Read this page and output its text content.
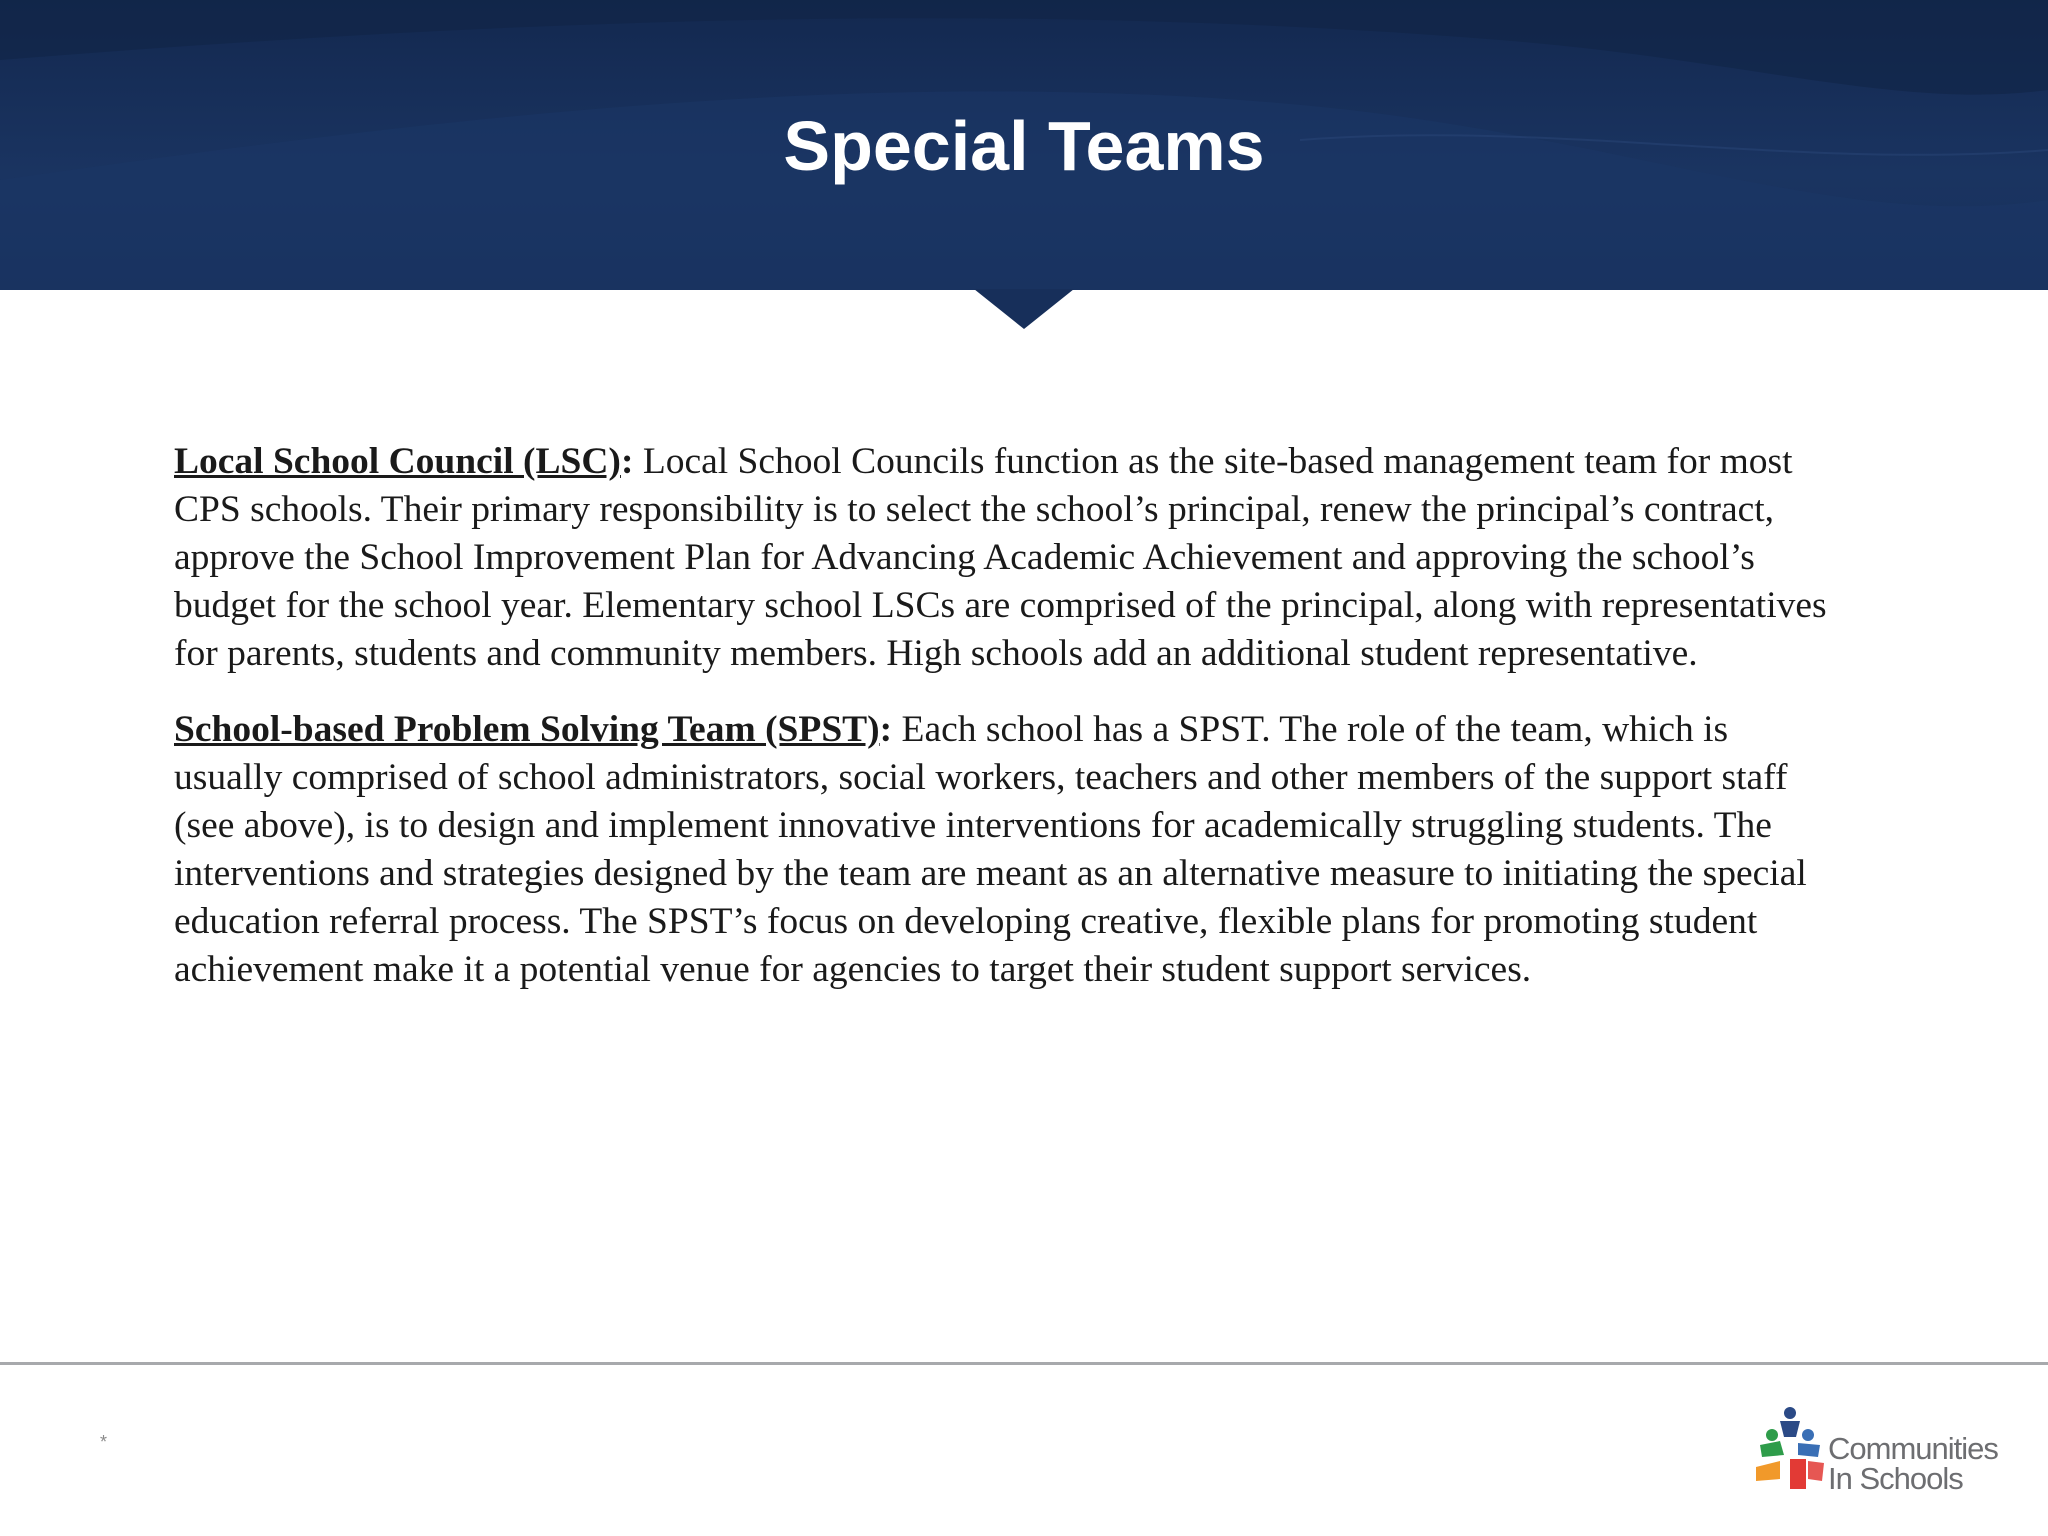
Special Teams

Local School Council (LSC): Local School Councils function as the site-based management team for most CPS schools. Their primary responsibility is to select the school’s principal, renew the principal’s contract, approve the School Improvement Plan for Advancing Academic Achievement and approving the school’s budget for the school year. Elementary school LSCs are comprised of the principal, along with representatives for parents, students and community members. High schools add an additional student representative.

School-based Problem Solving Team (SPST): Each school has a SPST. The role of the team, which is usually comprised of school administrators, social workers, teachers and other members of the support staff (see above), is to design and implement innovative interventions for academically struggling students. The interventions and strategies designed by the team are meant as an alternative measure to initiating the special education referral process. The SPST’s focus on developing creative, flexible plans for promoting student achievement make it a potential venue for agencies to target their student support services.

*	Communities
In Schools
